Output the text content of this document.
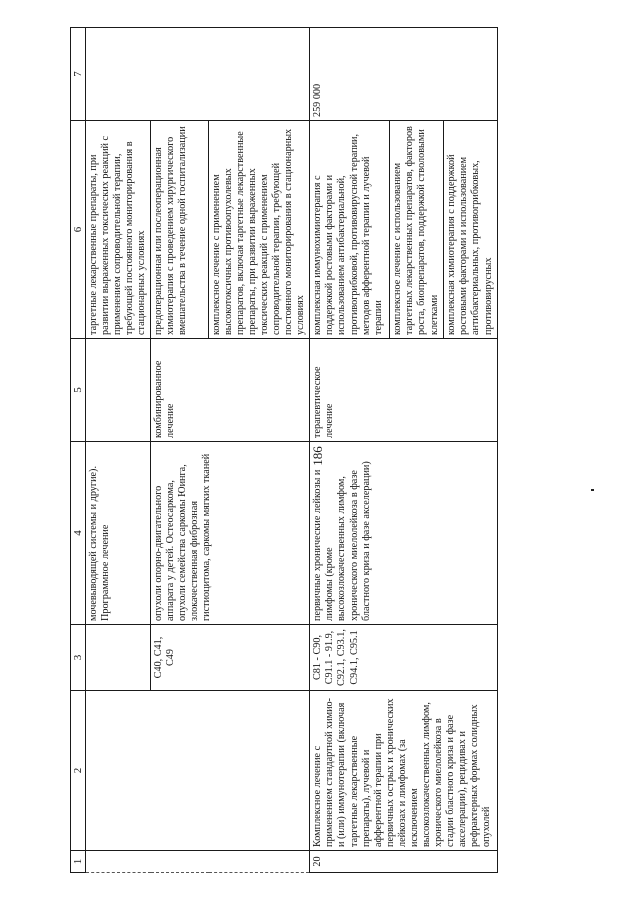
186
1	2	3	4	5	6	7
			мочевыводящей системы и другие). Программное лечение		таргетные лекарственные препараты, при развитии выраженных токсических реакций с применением сопроводительной терапии, требующей постоянного мониторирования в стационарных условиях	
		C40, C41, C49	опухоли опорно-двигательного аппарата у детей. Остеосаркома, опухоли семейства саркомы Юинга, злокачественная фиброзная гистиоцитома, саркомы мягких тканей	комбинированное лечение	предоперационная или послеоперационная химиотерапия с проведением хирургического вмешательства в течение одной госпитализации	
					комплексное лечение с применением высокотоксичных противоопухолевых препаратов, включая таргетные лекарственные препараты, при развитии выраженных токсических реакций с применением сопроводительной терапии, требующей постоянного мониторирования в стационарных условиях	
20	Комплексное лечение с применением стандартной химио- и (или) иммунотерапии (включая таргетные лекарственные препараты), лучевой и афферентной терапии при первичных острых и хронических лейкозах и лимфомах (за исключением высокозлокачественных лимфом, хронического миелолейкоза в стадии бластного криза и фазе акселерации), рецидивах и рефрактерных формах солидных опухолей	C81 - C90, C91.1 - 91.9, C92.1, C93.1, C94.1, C95.1	первичные хронические лейкозы и лимфомы (кроме высокозлокачественных лимфом, хронического миелолейкоза в фазе бластного криза и фазе акселерации)	терапевтическое лечение	комплексная иммунохимиотерапия с поддержкой ростовыми факторами и использованием антибактериальной, противогрибковой, противовирусной терапии, методов афферентной терапии и лучевой терапии	259 000
					комплексное лечение с использованием таргетных лекарственных препаратов, факторов роста, биопрепаратов, поддержкой стволовыми клетками	
					комплексная химиотерапия с поддержкой ростовыми факторами и использованием антибактериальных, противогрибковых, противовирусных	
